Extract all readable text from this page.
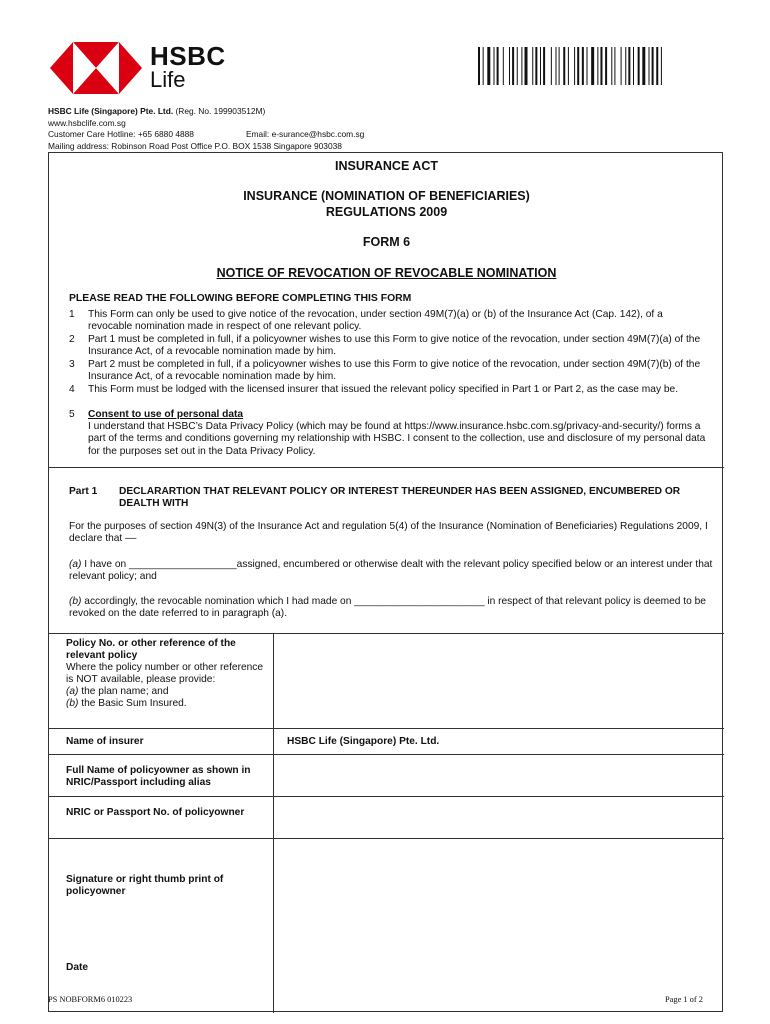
HSBC
Life
HSBC Life (Singapore) Pte. Ltd. (Reg. No. 199903512M)
www.hsbclife.com.sg
Customer Care Hotline: +65 6880 4888	Email: e-surance@hsbc.com.sg
Mailing address: Robinson Road Post Office P.O. BOX 1538 Singapore 903038
INSURANCE ACT
INSURANCE (NOMINATION OF BENEFICIARIES)
REGULATIONS 2009
FORM 6
NOTICE OF REVOCATION OF REVOCABLE NOMINATION
PLEASE READ THE FOLLOWING BEFORE COMPLETING THIS FORM
1 This Form can only be used to give notice of the revocation, under section 49M(7)(a) or (b) of the Insurance Act (Cap. 142), of a revocable nomination made in respect of one relevant policy.
2 Part 1 must be completed in full, if a policyowner wishes to use this Form to give notice of the revocation, under section 49M(7)(a) of the Insurance Act, of a revocable nomination made by him.
3 Part 2 must be completed in full, if a policyowner wishes to use this Form to give notice of the revocation, under section 49M(7)(b) of the Insurance Act, of a revocable nomination made by him.
4 This Form must be lodged with the licensed insurer that issued the relevant policy specified in Part 1 or Part 2, as the case may be.
5 Consent to use of personal data
I understand that HSBC’s Data Privacy Policy (which may be found at https://www.insurance.hsbc.com.sg/privacy-and-security/) forms a part of the terms and conditions governing my relationship with HSBC. I consent to the collection, use and disclosure of my personal data for the purposes set out in the Data Privacy Policy.
Part 1 DECLARARTION THAT RELEVANT POLICY OR INTEREST THEREUNDER HAS BEEN ASSIGNED, ENCUMBERED OR DEALTH WITH
For the purposes of section 49N(3) of the Insurance Act and regulation 5(4) of the Insurance (Nomination of Beneficiaries) Regulations 2009, I declare that ––
(a) I have on ___________________assigned, encumbered or otherwise dealt with the relevant policy specified below or an interest under that relevant policy; and
(b) accordingly, the revocable nomination which I had made on _______________________ in respect of that relevant policy is deemed to be revoked on the date referred to in paragraph (a).
Policy No. or other reference of the relevant policy
Where the policy number or other reference is NOT available, please provide:
(a) the plan name; and
(b) the Basic Sum Insured.
Name of insurer	HSBC Life (Singapore) Pte. Ltd.
Full Name of policyowner as shown in NRIC/Passport including alias
NRIC or Passport No. of policyowner
Signature or right thumb print of policyowner
Date
PS NOBFORM6 010223	Page 1 of 2
